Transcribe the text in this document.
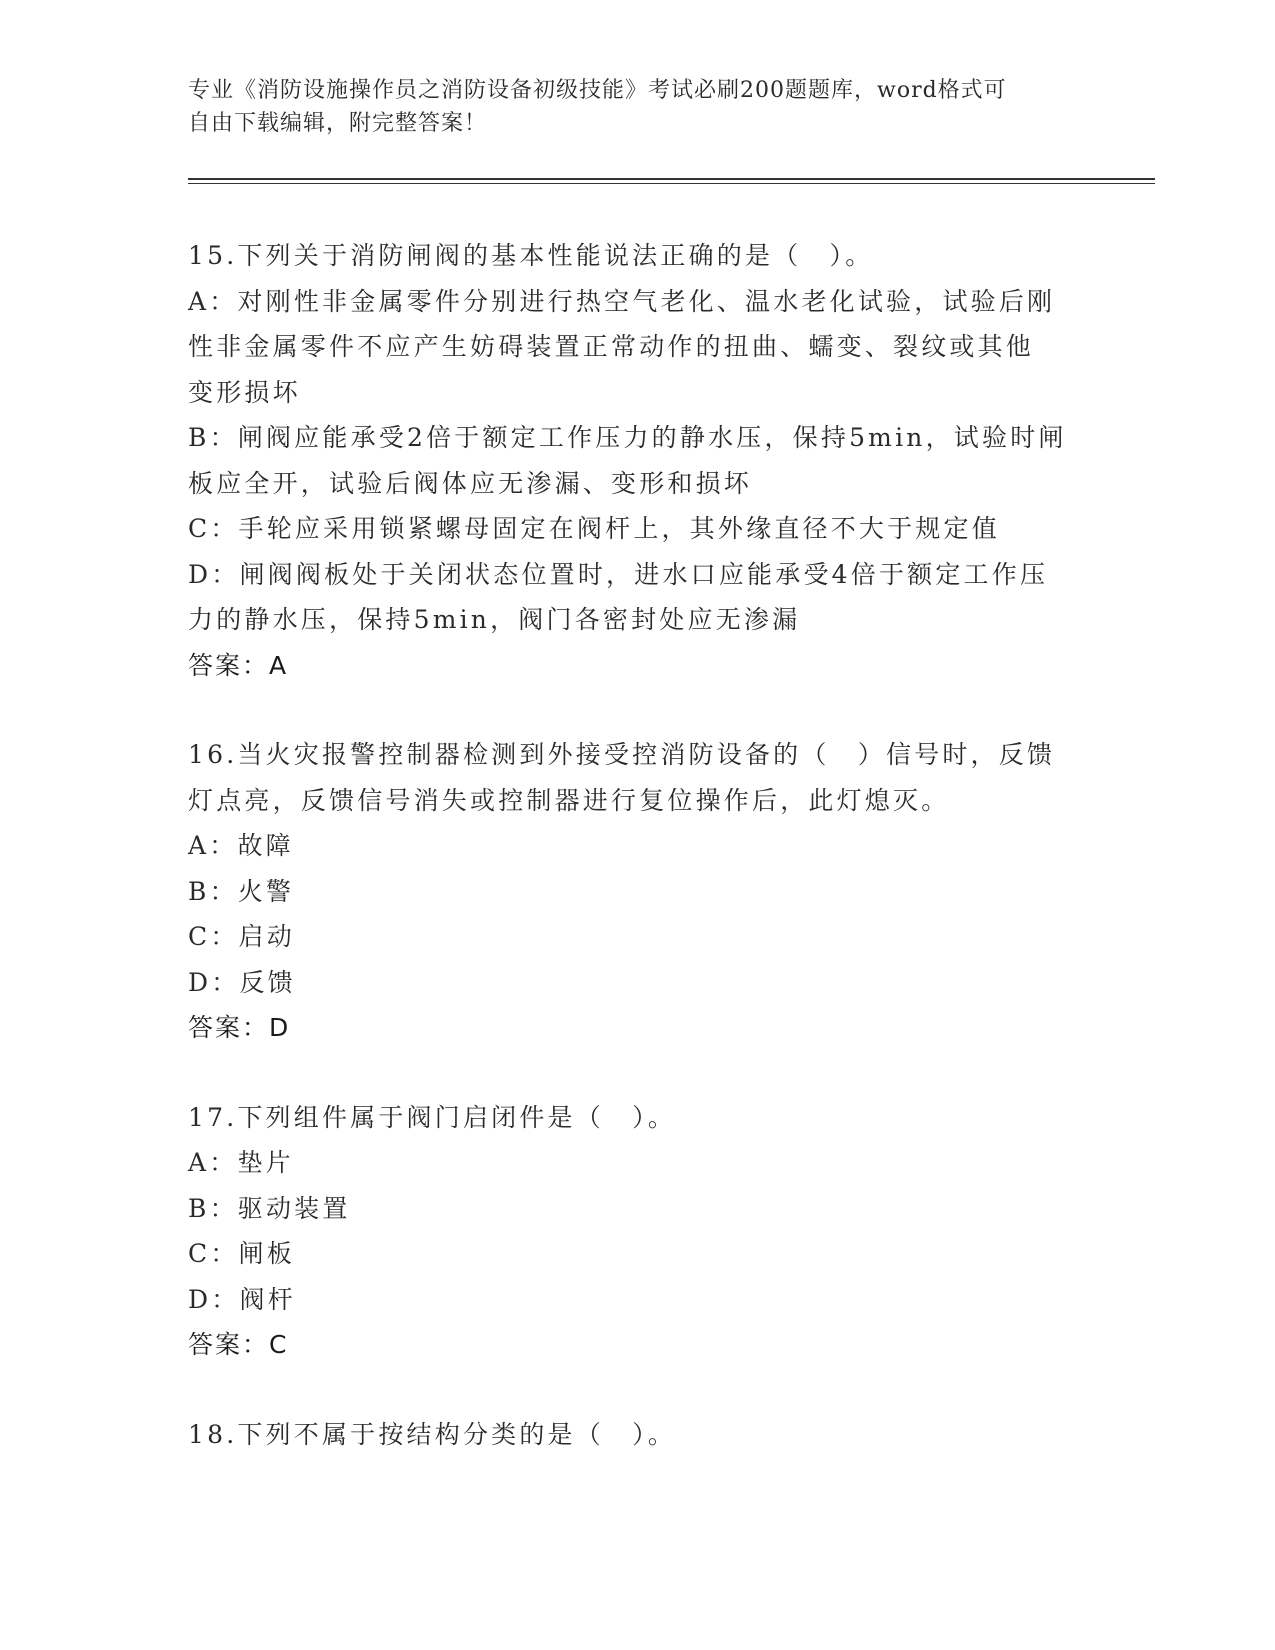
专业《消防设施操作员之消防设备初级技能》考试必刷200题题库，word格式可
自由下载编辑，附完整答案！
15.下列关于消防闸阀的基本性能说法正确的是（　）。
A：对刚性非金属零件分别进行热空气老化、温水老化试验，试验后刚
性非金属零件不应产生妨碍装置正常动作的扭曲、蠕变、裂纹或其他
变形损坏
B：闸阀应能承受2倍于额定工作压力的静水压，保持5min，试验时闸
板应全开，试验后阀体应无渗漏、变形和损坏
C：手轮应采用锁紧螺母固定在阀杆上，其外缘直径不大于规定值
D：闸阀阀板处于关闭状态位置时，进水口应能承受4倍于额定工作压
力的静水压，保持5min，阀门各密封处应无渗漏
答案：A
16.当火灾报警控制器检测到外接受控消防设备的（　）信号时，反馈
灯点亮，反馈信号消失或控制器进行复位操作后，此灯熄灭。
A：故障
B：火警
C：启动
D：反馈
答案：D
17.下列组件属于阀门启闭件是（　）。
A：垫片
B：驱动装置
C：闸板
D：阀杆
答案：C
18.下列不属于按结构分类的是（　）。
